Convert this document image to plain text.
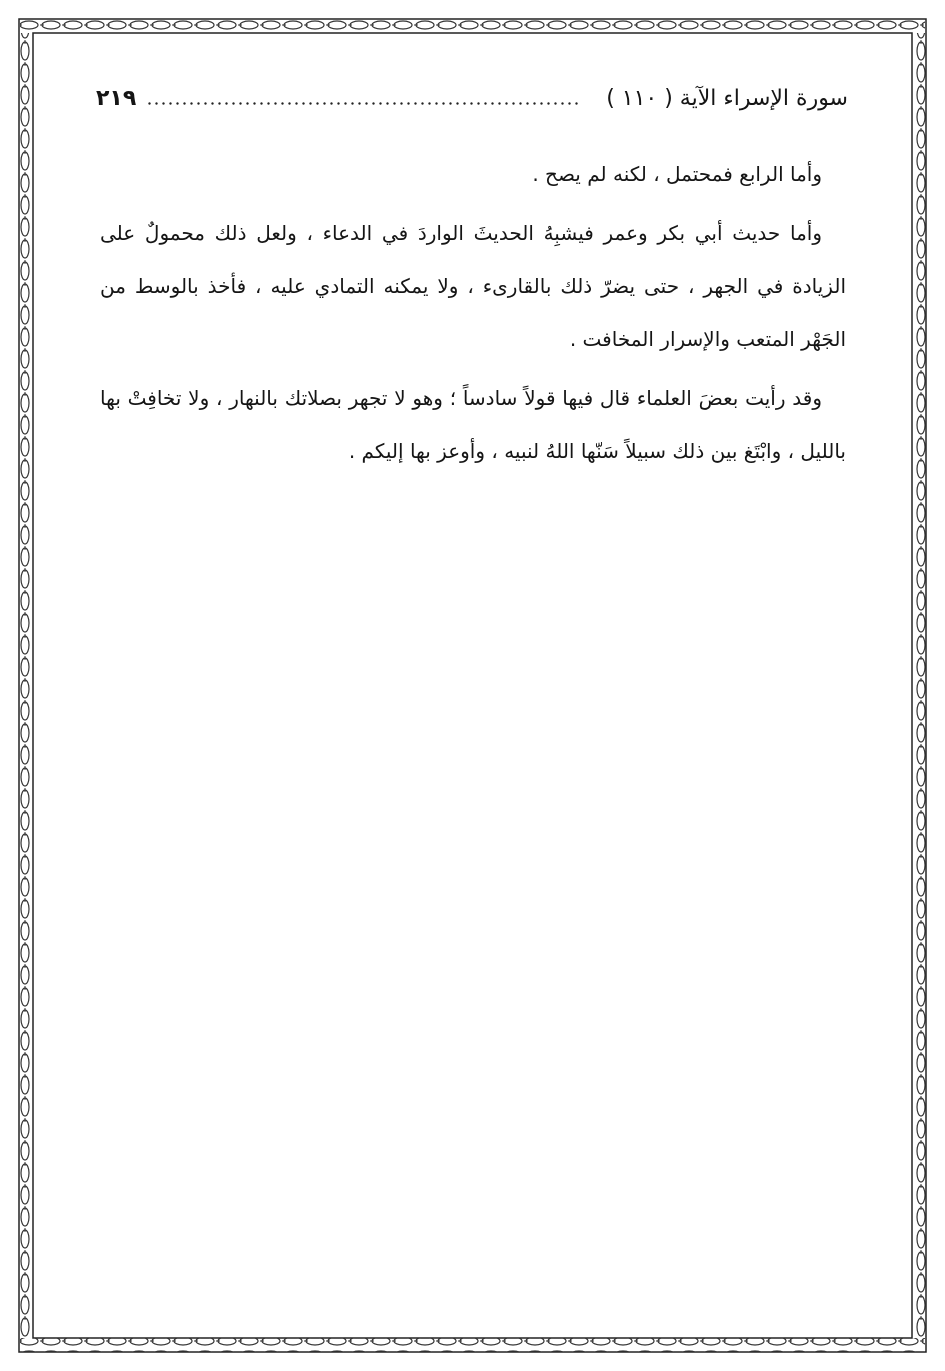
سورة الإسراء الآية ( ١١٠ )
٢١٩

وأما الرابع فمحتمل ، لكنه لم يصح .

وأما حديث أبي بكر وعمر فيشبِهُ الحديثَ الواردَ في الدعاء ، ولعل ذلك محمولٌ على الزيادة في الجهر ، حتى يضرّ ذلك بالقارىء ، ولا يمكنه التمادي عليه ، فأخذ بالوسط من الجَهْر المتعب والإسرار المخافت .

وقد رأيت بعضَ العلماء قال فيها قولاً سادساً ؛ وهو لا تجهر بصلاتك بالنهار ، ولا تخافِتْ بها بالليل ، وابْتَغ بين ذلك سبيلاً سَنّها اللهُ لنبيه ، وأوعز بها إليكم .
